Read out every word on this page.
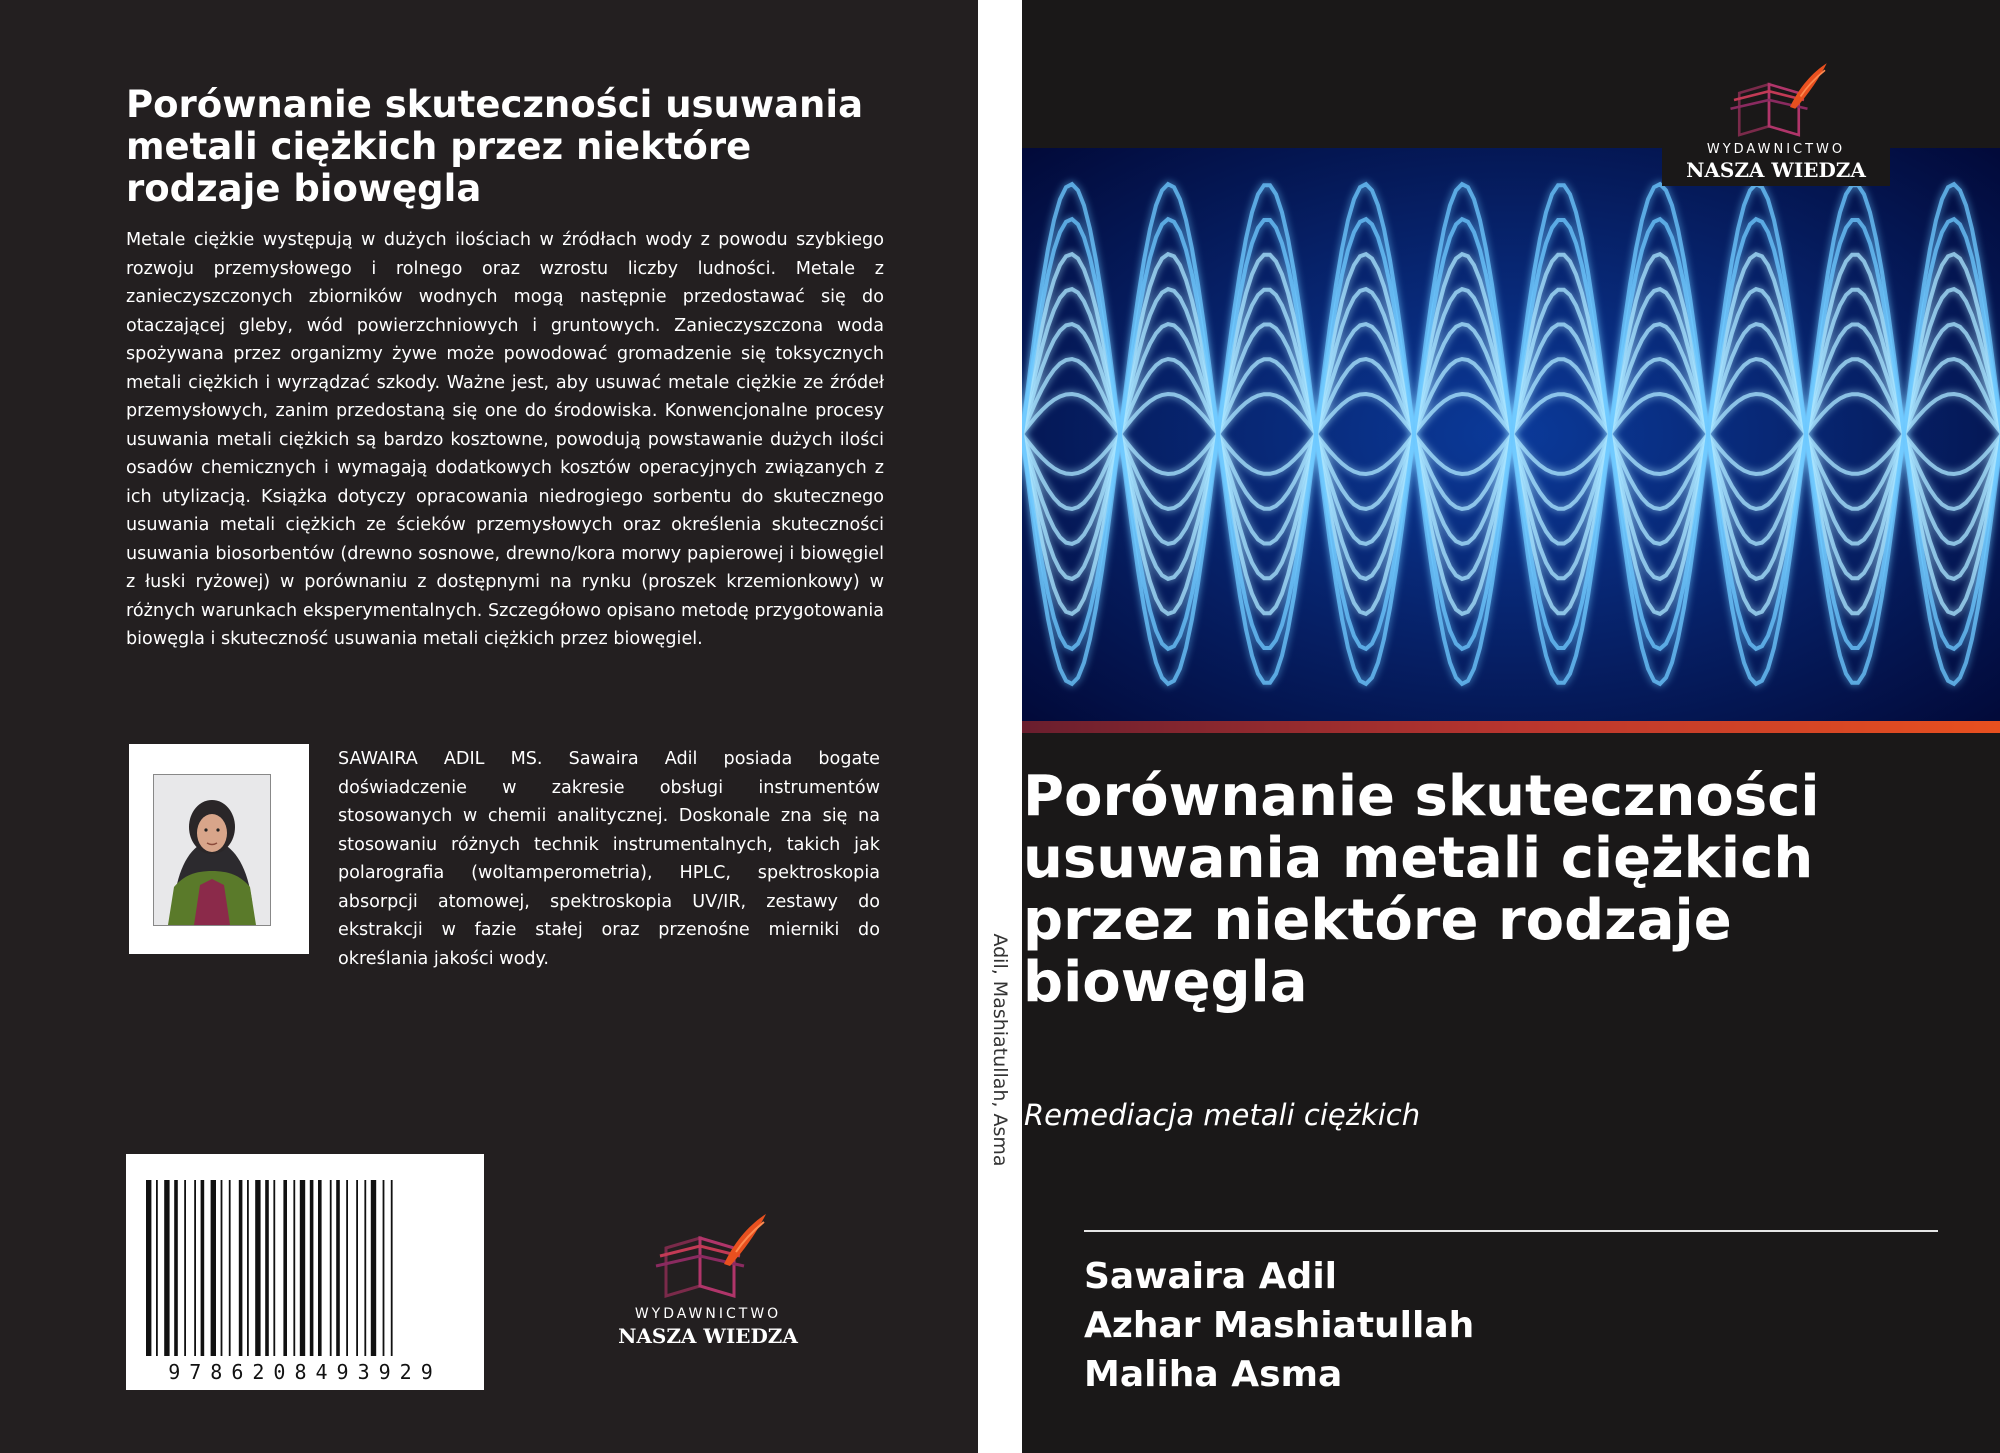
Porównanie skuteczności usuwania metali ciężkich przez niektóre rodzaje biowęgla

Metale ciężkie występują w dużych ilościach w źródłach wody z powodu szybkiego rozwoju przemysłowego i rolnego oraz wzrostu liczby ludności. Metale z zanieczyszczonych zbiorników wodnych mogą następnie przedostawać się do otaczającej gleby, wód powierzchniowych i gruntowych. Zanieczyszczona woda spożywana przez organizmy żywe może powodować gromadzenie się toksycznych metali ciężkich i wyrządzać szkody. Ważne jest, aby usuwać metale ciężkie ze źródeł przemysłowych, zanim przedostaną się one do środowiska. Konwencjonalne procesy usuwania metali ciężkich są bardzo kosztowne, powodują powstawanie dużych ilości osadów chemicznych i wymagają dodatkowych kosztów operacyjnych związanych z ich utylizacją. Książka dotyczy opracowania niedrogiego sorbentu do skutecznego usuwania metali ciężkich ze ścieków przemysłowych oraz określenia skuteczności usuwania biosorbentów (drewno sosnowe, drewno/kora morwy papierowej i biowęgiel z łuski ryżowej) w porównaniu z dostępnymi na rynku (proszek krzemionkowy) w różnych warunkach eksperymentalnych. Szczegółowo opisano metodę przygotowania biowęgla i skuteczność usuwania metali ciężkich przez biowęgiel.

SAWAIRA ADIL MS. Sawaira Adil posiada bogate doświadczenie w zakresie obsługi instrumentów stosowanych w chemii analitycznej. Doskonale zna się na stosowaniu różnych technik instrumentalnych, takich jak polarografia (woltamperometria), HPLC, spektroskopia absorpcji atomowej, spektroskopia UV/IR, zestawy do ekstrakcji w fazie stałej oraz przenośne mierniki do określania jakości wody.

9786208493929
WYDAWNICTWO
NASZA WIEDZA
Adil, Mashiatullah, Asma
WYDAWNICTWO
NASZA WIEDZA
Porównanie skuteczności usuwania metali ciężkich przez niektóre rodzaje biowęgla
Remediacja metali ciężkich
Sawaira Adil
Azhar Mashiatullah
Maliha Asma
